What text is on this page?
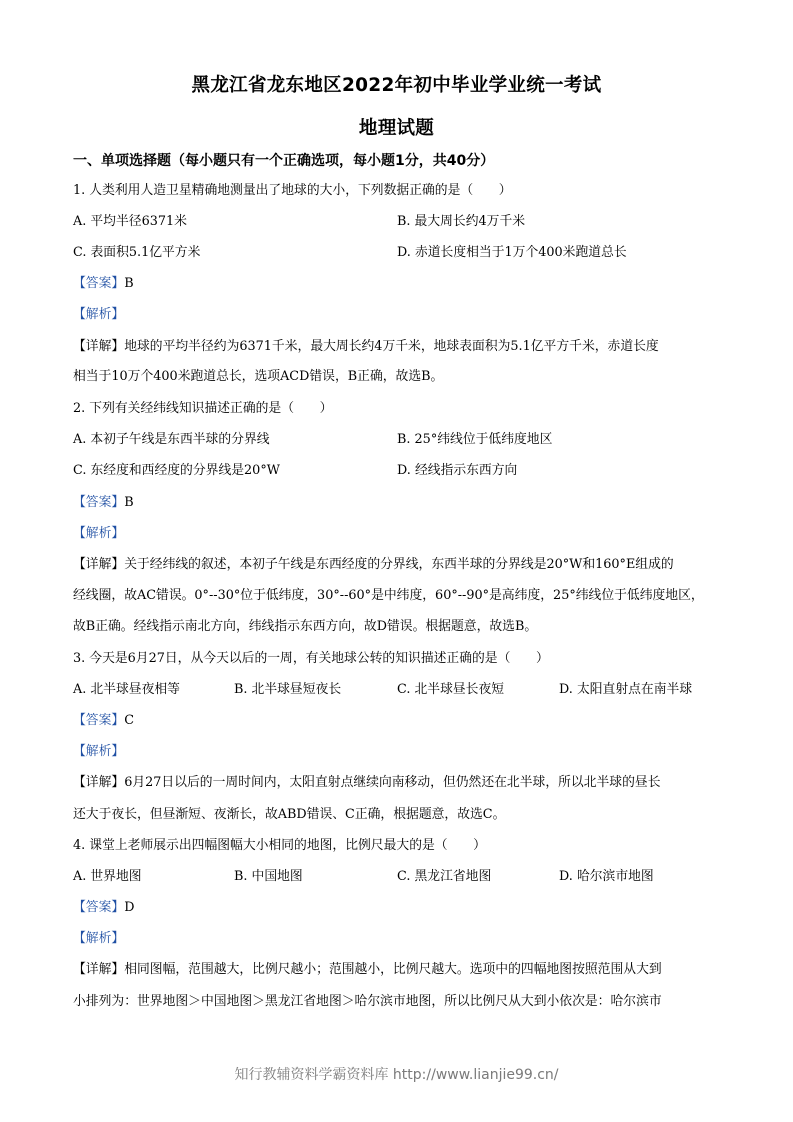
黑龙江省龙东地区2022年初中毕业学业统一考试
地理试题
一、单项选择题（每小题只有一个正确选项，每小题1分，共40分）
1. 人类利用人造卫星精确地测量出了地球的大小，下列数据正确的是（　　）
A. 平均半径6371米	B. 最大周长约4万千米
C. 表面积5.1亿平方米	D. 赤道长度相当于1万个400米跑道总长
【答案】B
【解析】
【详解】地球的平均半径约为6371千米，最大周长约4万千米，地球表面积为5.1亿平方千米，赤道长度
相当于10万个400米跑道总长，选项ACD错误，B正确，故选B。
2. 下列有关经纬线知识描述正确的是（　　）
A. 本初子午线是东西半球的分界线	B. 25°纬线位于低纬度地区
C. 东经度和西经度的分界线是20°W	D. 经线指示东西方向
【答案】B
【解析】
【详解】关于经纬线的叙述，本初子午线是东西经度的分界线，东西半球的分界线是20°W和160°E组成的
经线圈，故AC错误。0°--30°位于低纬度，30°--60°是中纬度，60°--90°是高纬度，25°纬线位于低纬度地区，
故B正确。经线指示南北方向，纬线指示东西方向，故D错误。根据题意，故选B。
3. 今天是6月27日，从今天以后的一周，有关地球公转的知识描述正确的是（　　）
A. 北半球昼夜相等	B. 北半球昼短夜长	C. 北半球昼长夜短	D. 太阳直射点在南半球
【答案】C
【解析】
【详解】6月27日以后的一周时间内，太阳直射点继续向南移动，但仍然还在北半球，所以北半球的昼长
还大于夜长，但昼渐短、夜渐长，故ABD错误、C正确，根据题意，故选C。
4. 课堂上老师展示出四幅图幅大小相同的地图，比例尺最大的是（　　）
A. 世界地图	B. 中国地图	C. 黑龙江省地图	D. 哈尔滨市地图
【答案】D
【解析】
【详解】相同图幅，范围越大，比例尺越小；范围越小，比例尺越大。选项中的四幅地图按照范围从大到
小排列为：世界地图＞中国地图＞黑龙江省地图＞哈尔滨市地图，所以比例尺从大到小依次是：哈尔滨市
知行教辅资料学霸资料库 http://www.lianjie99.cn/
